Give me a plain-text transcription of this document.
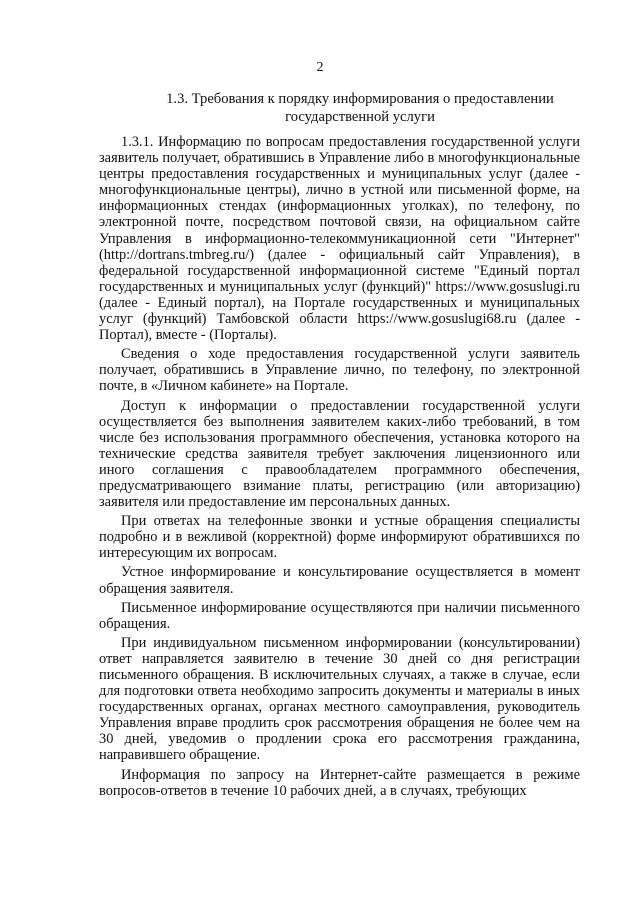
2
1.3. Требования к порядку информирования о предоставлении государственной услуги

1.3.1. Информацию по вопросам предоставления государственной услуги заявитель получает, обратившись в Управление либо в многофункциональные центры предоставления государственных и муниципальных услуг (далее - многофункциональные центры), лично в устной или письменной форме, на информационных стендах (информационных уголках), по телефону, по электронной почте, посредством почтовой связи, на официальном сайте Управления в информационно-телекоммуникационной сети "Интернет" (http://dortrans.tmbreg.ru/) (далее - официальный сайт Управления), в федеральной государственной информационной системе "Единый портал государственных и муниципальных услуг (функций)" https://www.gosuslugi.ru (далее - Единый портал), на Портале государственных и муниципальных услуг (функций) Тамбовской области https://www.gosuslugi68.ru (далее - Портал), вместе - (Порталы).

Сведения о ходе предоставления государственной услуги заявитель получает, обратившись в Управление лично, по телефону, по электронной почте, в «Личном кабинете» на Портале.

Доступ к информации о предоставлении государственной услуги осуществляется без выполнения заявителем каких-либо требований, в том числе без использования программного обеспечения, установка которого на технические средства заявителя требует заключения лицензионного или иного соглашения с правообладателем программного обеспечения, предусматривающего взимание платы, регистрацию (или авторизацию) заявителя или предоставление им персональных данных.

При ответах на телефонные звонки и устные обращения специалисты подробно и в вежливой (корректной) форме информируют обратившихся по интересующим их вопросам.

Устное информирование и консультирование осуществляется в момент обращения заявителя.

Письменное информирование осуществляются при наличии письменного обращения.

При индивидуальном письменном информировании (консультировании) ответ направляется заявителю в течение 30 дней со дня регистрации письменного обращения. В исключительных случаях, а также в случае, если для подготовки ответа необходимо запросить документы и материалы в иных государственных органах, органах местного самоуправления, руководитель Управления вправе продлить срок рассмотрения обращения не более чем на 30 дней, уведомив о продлении срока его рассмотрения гражданина, направившего обращение.

Информация по запросу на Интернет-сайте размещается в режиме вопросов-ответов в течение 10 рабочих дней, а в случаях, требующих
